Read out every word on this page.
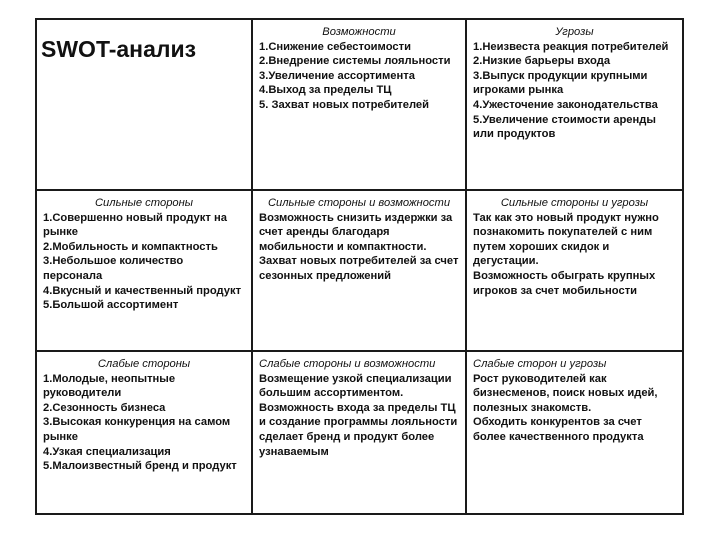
SWOT-анализ
Возможности
1.Снижение себестоимости
2.Внедрение системы лояльности
3.Увеличение ассортимента
4.Выход за пределы ТЦ
5. Захват новых потребителей
Угрозы
1.Неизвеста реакция потребителей
2.Низкие барьеры входа
3.Выпуск продукции крупными игроками рынка
4.Ужесточение законодательства
5.Увеличение стоимости аренды или продуктов
Сильные стороны
1.Совершенно новый продукт на рынке
2.Мобильность и компактность
3.Небольшое количество персонала
4.Вкусный и качественный продукт
5.Большой ассортимент
Сильные стороны и возможности
Возможность снизить издержки за счет аренды благодаря мобильности и компактности.
Захват новых потребителей за счет сезонных предложений
Сильные стороны и угрозы
Так как это новый продукт нужно познакомить покупателей с ним путем хороших скидок и дегустации.
Возможность обыграть крупных игроков за счет мобильности
Слабые стороны
1.Молодые, неопытные руководители
2.Сезонность бизнеса
3.Высокая конкуренция на самом рынке
4.Узкая специализация
5.Малоизвестный бренд и продукт
Слабые стороны и возможности
Возмещение узкой специализации большим ассортиментом.
Возможность входа за пределы ТЦ и создание программы лояльности сделает бренд и продукт более узнаваемым
Слабые сторон и угрозы
Рост руководителей как бизнесменов, поиск новых идей, полезных знакомств.
Обходить конкурентов за счет более качественного продукта
